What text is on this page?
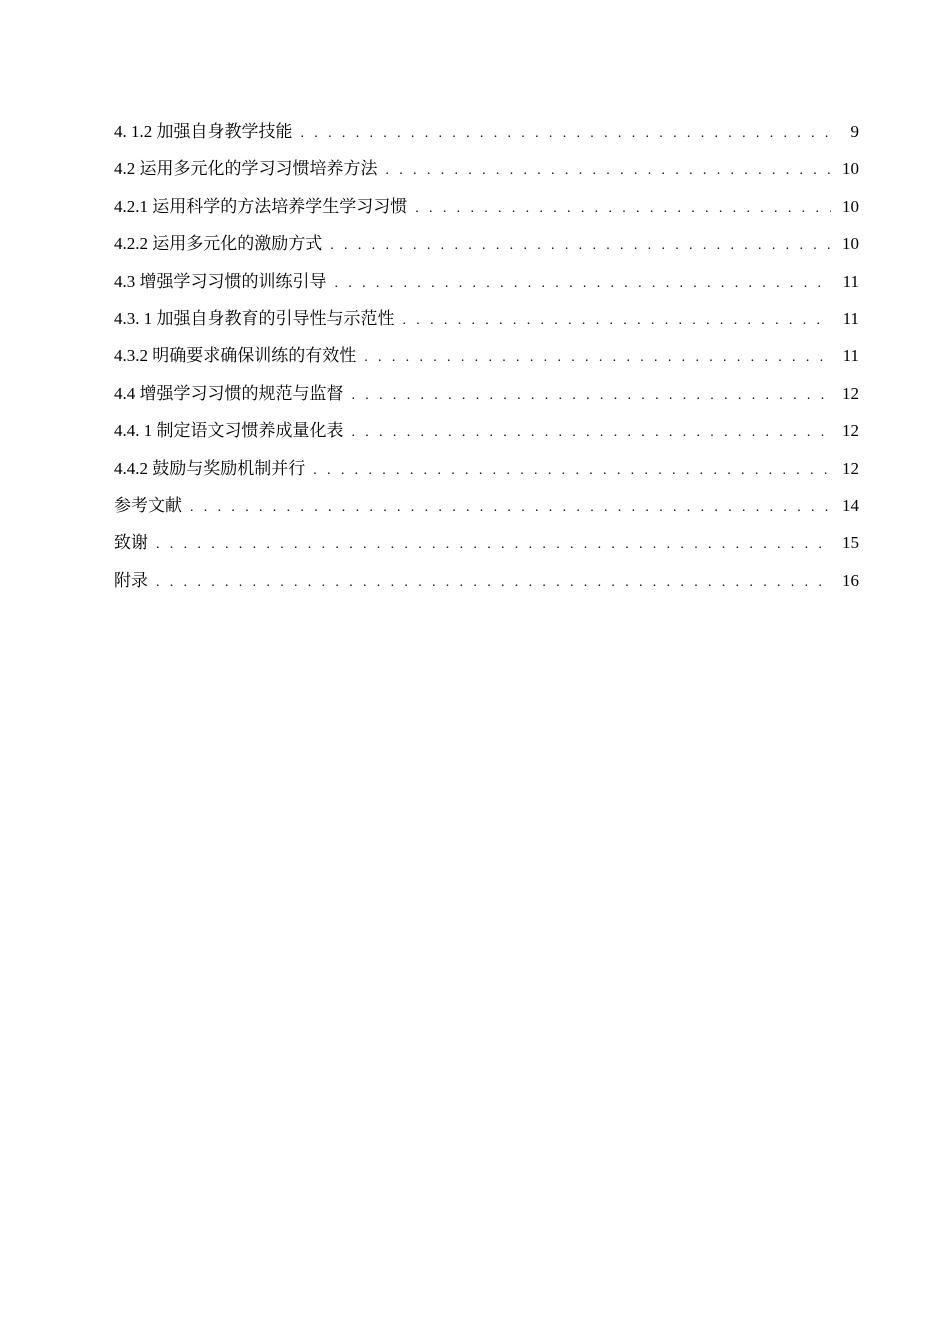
4. 1.2 加强自身教学技能 . . .	9
4.2 运用多元化的学习习惯培养方法 . . .	10
4.2.1 运用科学的方法培养学生学习习惯 . . .	10
4.2.2 运用多元化的激励方式 . . .	10
4.3 增强学习习惯的训练引导 . . .	11
4.3. 1 加强自身教育的引导性与示范性 . . .	11
4.3.2 明确要求确保训练的有效性 . . .	11
4.4 增强学习习惯的规范与监督 . . .	12
4.4. 1 制定语文习惯养成量化表 . . .	12
4.4.2 鼓励与奖励机制并行 . . .	12
参考文献 . . .	14
致谢 . . .	15
附录 . . .	16
